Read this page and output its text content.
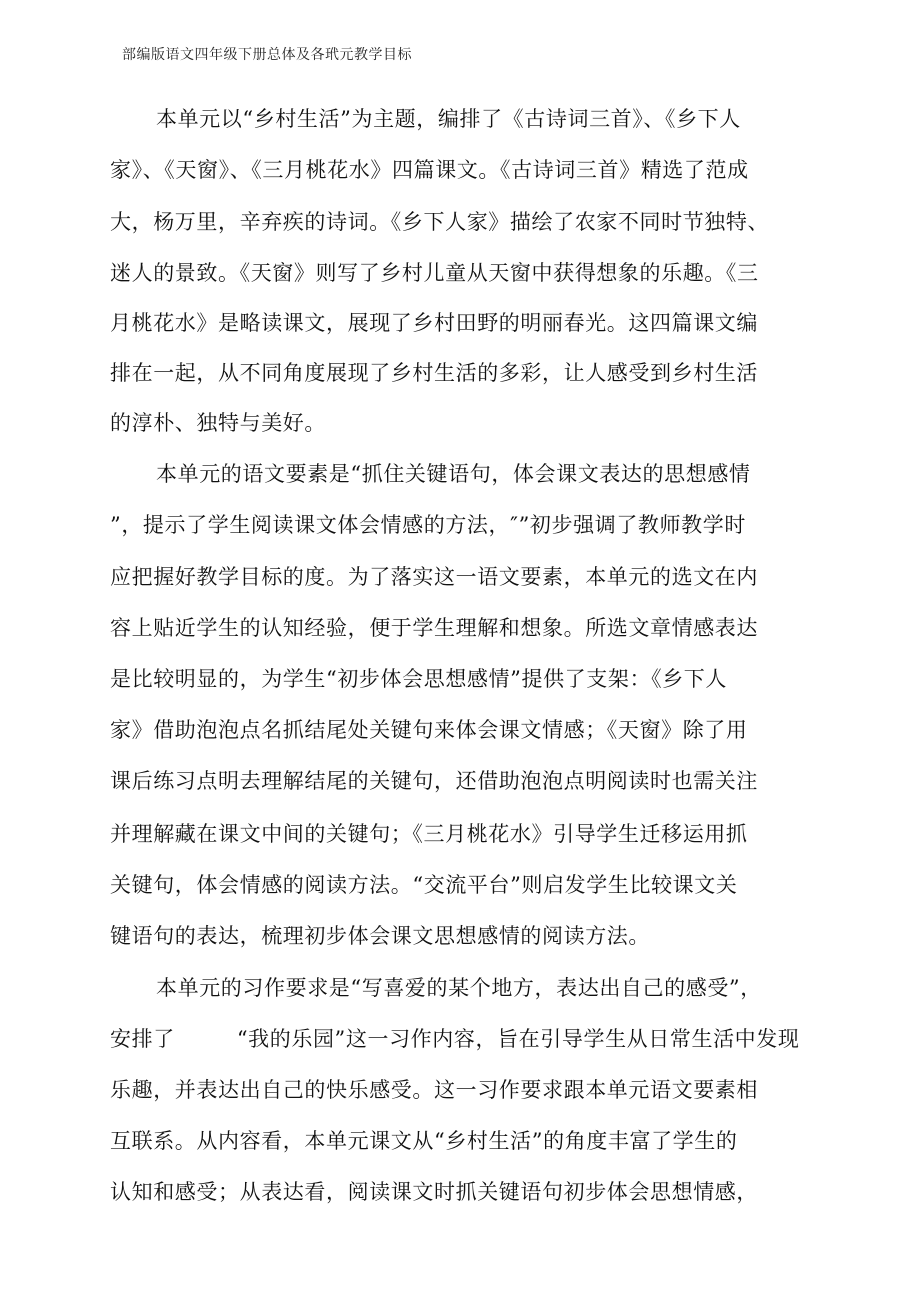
部编版语文四年级下册总体及各玳元教学目标
本单元以“乡村生活”为主题，编排了《古诗词三首》、《乡下人
家》、《天窗》、《三月桃花水》四篇课文。《古诗词三首》精选了范成
大，杨万里，辛弃疾的诗词。《乡下人家》描绘了农家不同时节独特、
迷人的景致。《天窗》则写了乡村儿童从天窗中获得想象的乐趣。《三
月桃花水》是略读课文，展现了乡村田野的明丽春光。这四篇课文编
排在一起，从不同角度展现了乡村生活的多彩，让人感受到乡村生活
的淳朴、独特与美好。
本单元的语文要素是“抓住关键语句，体会课文表达的思想感情
”，提示了学生阅读课文体会情感的方法，″”初步强调了教师教学时
应把握好教学目标的度。为了落实这一语文要素，本单元的选文在内
容上贴近学生的认知经验，便于学生理解和想象。所选文章情感表达
是比较明显的，为学生“初步体会思想感情”提供了支架：《乡下人
家》借助泡泡点名抓结尾处关键句来体会课文情感；《天窗》除了用
课后练习点明去理解结尾的关键句，还借助泡泡点明阅读时也需关注
并理解藏在课文中间的关键句；《三月桃花水》引导学生迁移运用抓
关键句，体会情感的阅读方法。“交流平台”则启发学生比较课文关
键语句的表达，梳理初步体会课文思想感情的阅读方法。
本单元的习作要求是“写喜爱的某个地方，表达出自己的感受”，
安排了	“我的乐园”这一习作内容，旨在引导学生从日常生活中发现
乐趣，并表达出自己的快乐感受。这一习作要求跟本单元语文要素相
互联系。从内容看，本单元课文从“乡村生活”的角度丰富了学生的
认知和感受；从表达看，阅读课文时抓关键语句初步体会思想情感，
